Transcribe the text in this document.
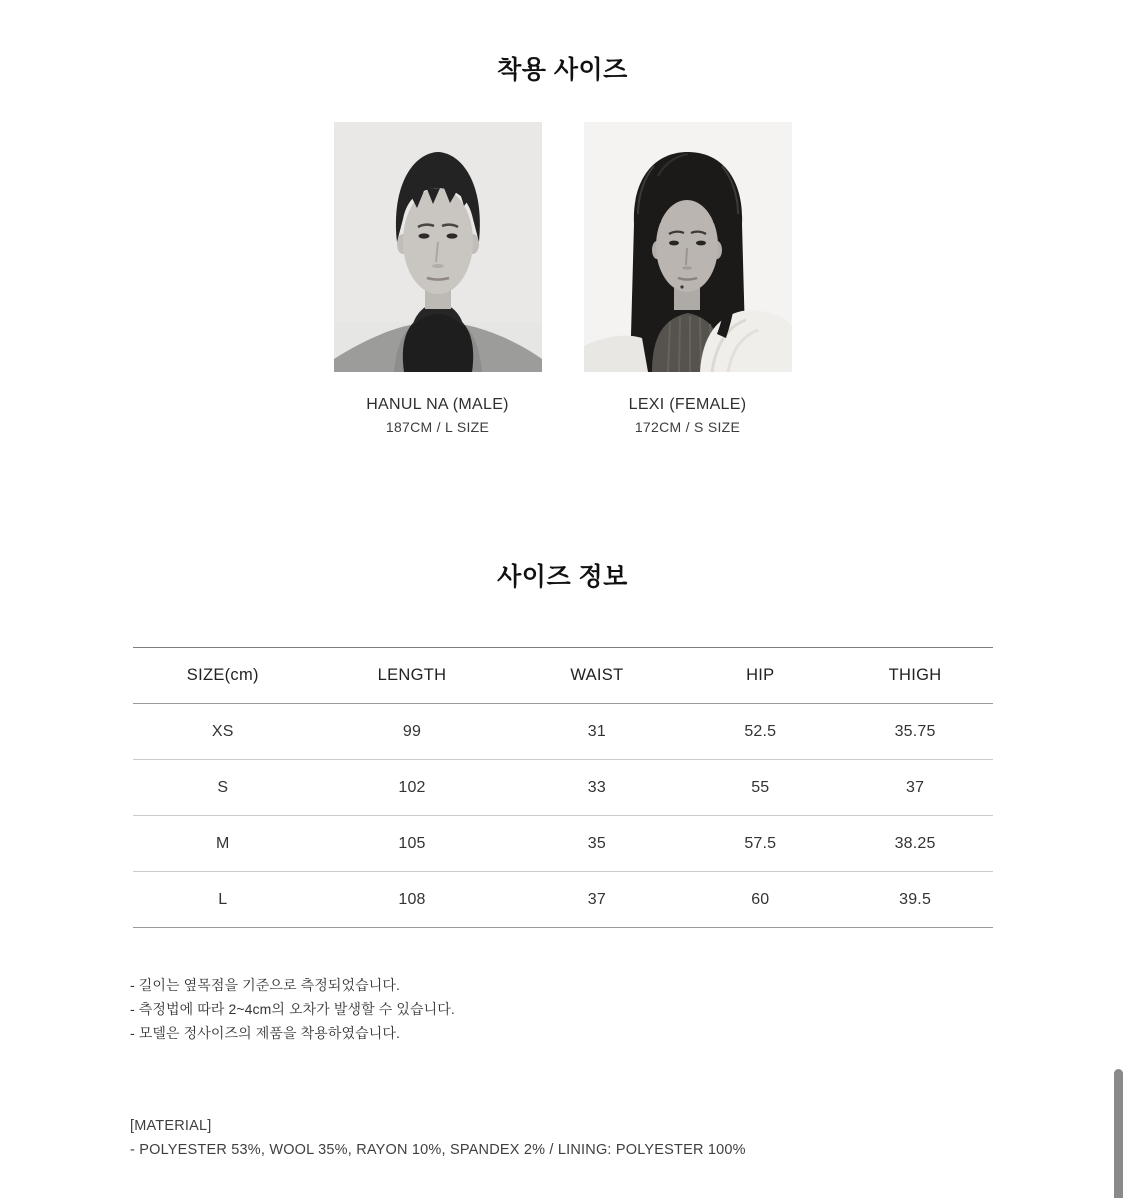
착용 사이즈
HANUL NA (MALE)
187CM / L SIZE
LEXI (FEMALE)
172CM / S SIZE
사이즈 정보
SIZE(cm)	LENGTH	WAIST	HIP	THIGH
XS	99	31	52.5	35.75
S	102	33	55	37
M	105	35	57.5	38.25
L	108	37	60	39.5

- 길이는 옆목점을 기준으로 측정되었습니다.

- 측정법에 따라 2~4cm의 오차가 발생할 수 있습니다.

- 모델은 정사이즈의 제품을 착용하였습니다.

[MATERIAL]

- POLYESTER 53%, WOOL 35%, RAYON 10%, SPANDEX 2% / LINING: POLYESTER 100%
